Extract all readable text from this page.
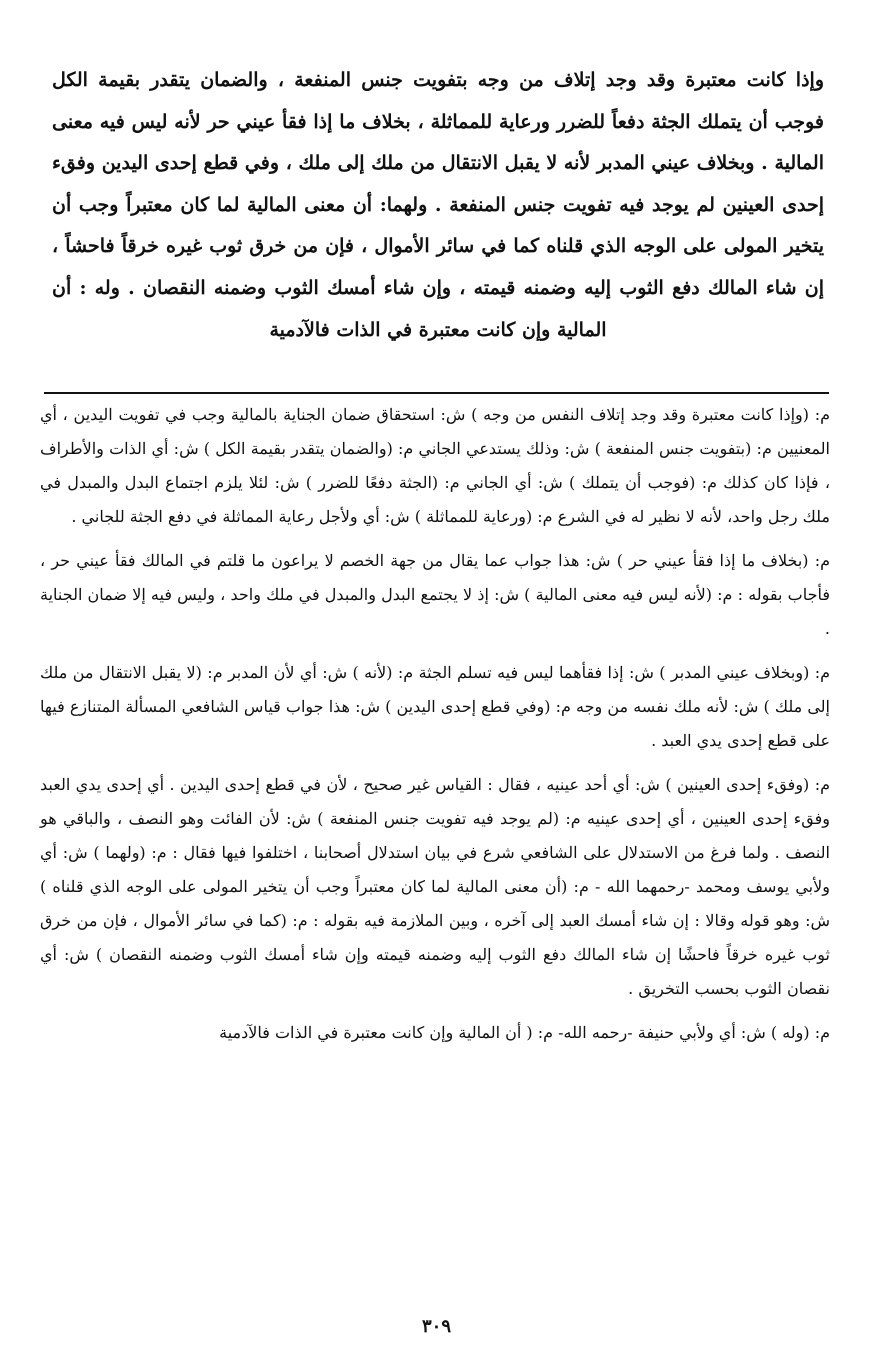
وإذا كانت معتبرة وقد وجد إتلاف من وجه بتفويت جنس المنفعة ، والضمان يتقدر بقيمة الكل فوجب أن يتملك الجثة دفعاً للضرر ورعاية للمماثلة ، بخلاف ما إذا فقأ عيني حر لأنه ليس فيه معنى المالية . وبخلاف عيني المدبر لأنه لا يقبل الانتقال من ملك إلى ملك ، وفي قطع إحدى اليدين وفقء إحدى العينين لم يوجد فيه تفويت جنس المنفعة . ولهما: أن معنى المالية لما كان معتبراً وجب أن يتخير المولى على الوجه الذي قلناه كما في سائر الأموال ، فإن من خرق ثوب غيره خرقاً فاحشاً ، إن شاء المالك دفع الثوب إليه وضمنه قيمته ، وإن شاء أمسك الثوب وضمنه النقصان . وله : أن المالية وإن كانت معتبرة في الذات فالآدمية

م: (وإذا كانت معتبرة وقد وجد إتلاف النفس من وجه ) ش: استحقاق ضمان الجناية بالمالية وجب في تفويت اليدين ، أي المعنيين م: (بتفويت جنس المنفعة ) ش: وذلك يستدعي الجاني م: (والضمان يتقدر بقيمة الكل ) ش: أي الذات والأطراف ، فإذا كان كذلك م: (فوجب أن يتملك ) ش: أي الجاني م: (الجثة دفعًا للضرر ) ش: لئلا يلزم اجتماع البدل والمبدل في ملك رجل واحد، لأنه لا نظير له في الشرع م: (ورعاية للمماثلة ) ش: أي ولأجل رعاية المماثلة في دفع الجثة للجاني .

م: (بخلاف ما إذا فقأ عيني حر ) ش: هذا جواب عما يقال من جهة الخصم لا يراعون ما قلتم في المالك فقأ عيني حر ، فأجاب بقوله : م: (لأنه ليس فيه معنى المالية ) ش: إذ لا يجتمع البدل والمبدل في ملك واحد ، وليس فيه إلا ضمان الجناية .

م: (وبخلاف عيني المدبر ) ش: إذا فقأهما ليس فيه تسلم الجثة م: (لأنه ) ش: أي لأن المدبر م: (لا يقبل الانتقال من ملك إلى ملك ) ش: لأنه ملك نفسه من وجه م: (وفي قطع إحدى اليدين ) ش: هذا جواب قياس الشافعي المسألة المتنازع فيها على قطع إحدى يدي العبد .

م: (وفقء إحدى العينين ) ش: أي أحد عينيه ، فقال : القياس غير صحيح ، لأن في قطع إحدى اليدين . أي إحدى يدي العبد وفقء إحدى العينين ، أي إحدى عينيه م: (لم يوجد فيه تفويت جنس المنفعة ) ش: لأن الفائت وهو النصف ، والباقي هو النصف . ولما فرغ من الاستدلال على الشافعي شرع في بيان استدلال أصحابنا ، اختلفوا فيها فقال : م: (ولهما ) ش: أي ولأبي يوسف ومحمد -رحمهما الله - م: (أن معنى المالية لما كان معتبراً وجب أن يتخير المولى على الوجه الذي قلناه ) ش: وهو قوله وقالا : إن شاء أمسك العبد إلى آخره ، وبين الملازمة فيه بقوله : م: (كما في سائر الأموال ، فإن من خرق ثوب غيره خرقاً فاحشًا إن شاء المالك دفع الثوب إليه وضمنه قيمته وإن شاء أمسك الثوب وضمنه النقصان ) ش: أي نقصان الثوب بحسب التخريق .

م: (وله ) ش: أي ولأبي حنيفة -رحمه الله- م: ( أن المالية وإن كانت معتبرة في الذات فالآدمية

٣٠٩
